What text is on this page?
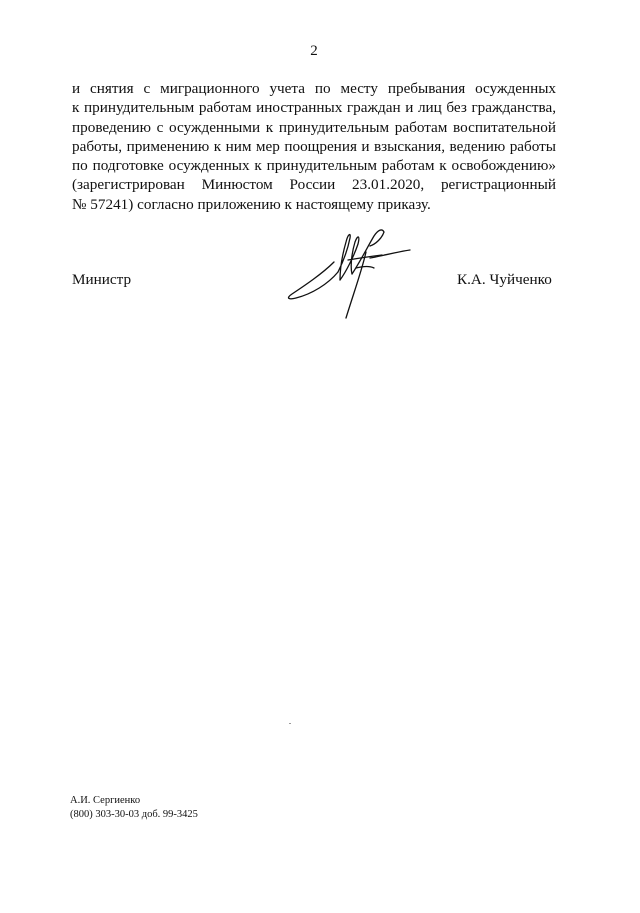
2
и снятия с миграционного учета по месту пребывания осужденных
к принудительным работам иностранных граждан и лиц без гражданства,
проведению с осужденными к принудительным работам воспитательной
работы, применению к ним мер поощрения и взыскания, ведению работы
по подготовке осужденных к принудительным работам к освобождению»
(зарегистрирован Минюстом России 23.01.2020, регистрационный
№ 57241) согласно приложению к настоящему приказу.
Министр	К.А. Чуйченко
А.И. Сергиенко
(800) 303-30-03 доб. 99-3425
